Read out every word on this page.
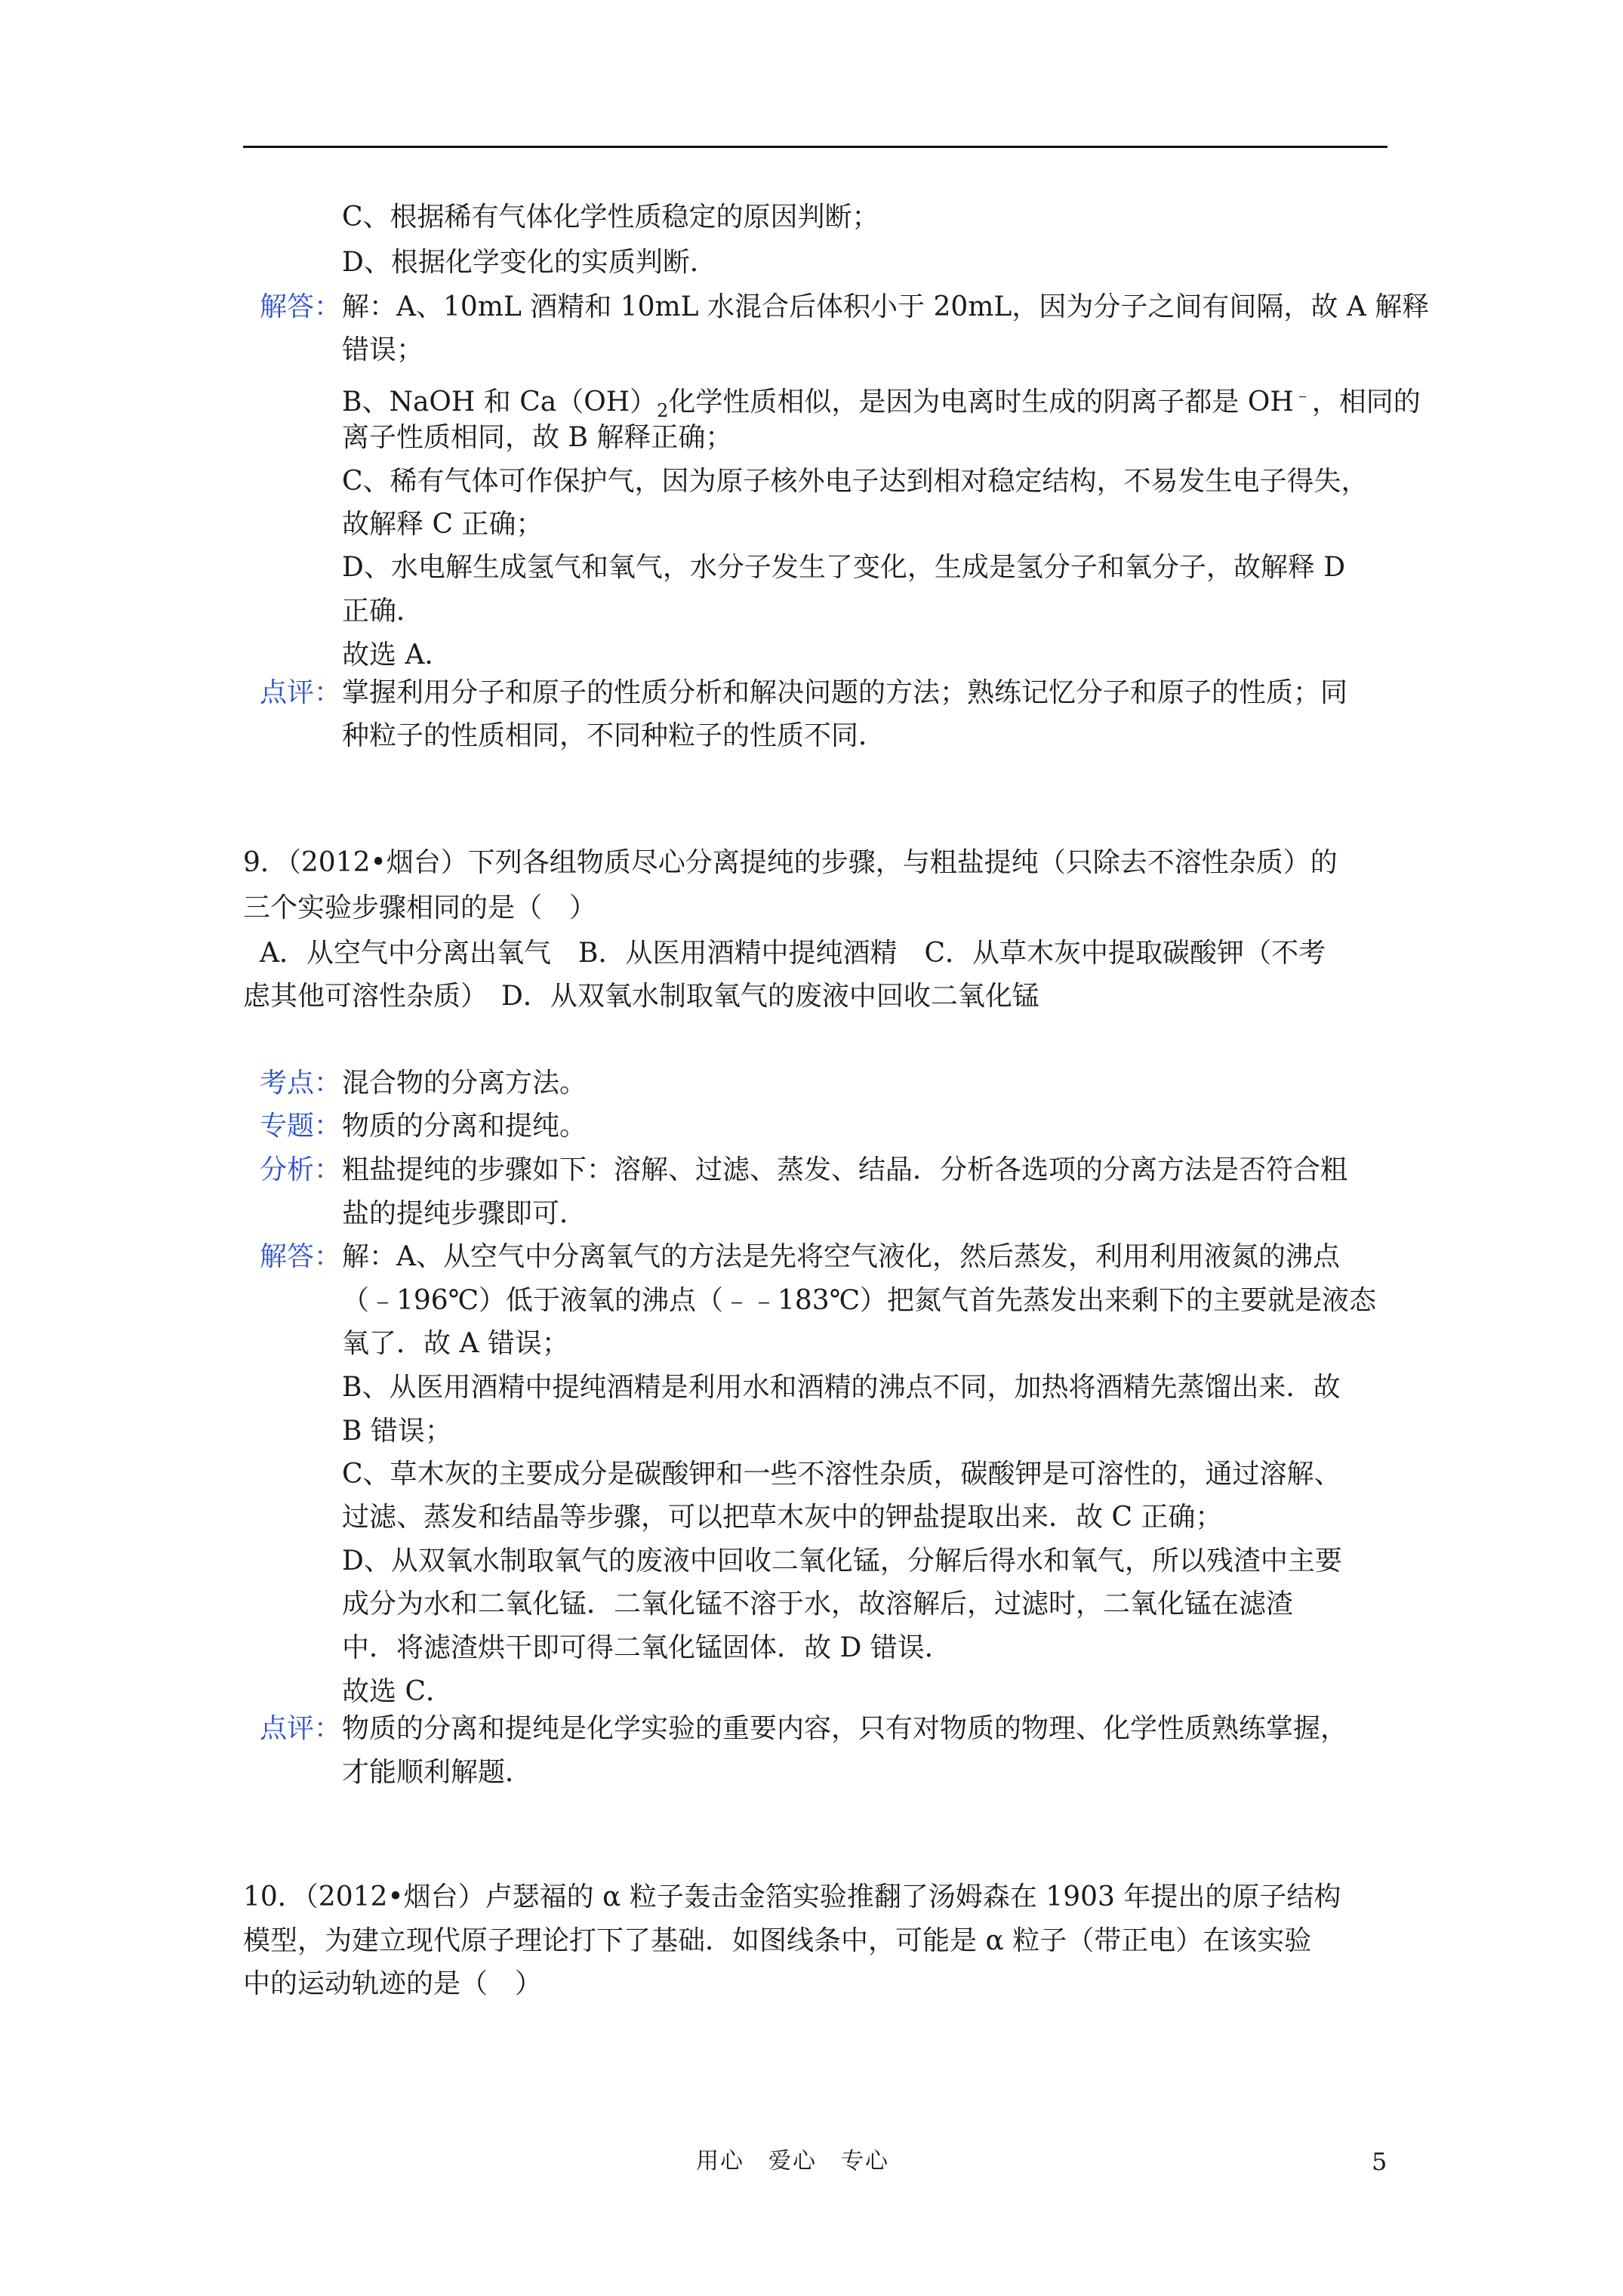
C、根据稀有气体化学性质稳定的原因判断；
D、根据化学变化的实质判断．
解答： 解：A、10mL 酒精和 10mL 水混合后体积小于 20mL，因为分子之间有间隔，故 A 解释
错误；
B、NaOH 和 $Ca(OH)_2$化学性质相似，是因为电离时生成的阴离子都是 OH﹣，相同的
离子性质相同，故 B 解释正确；
C、稀有气体可作保护气，因为原子核外电子达到相对稳定结构，不易发生电子得失，
故解释 C 正确；
D、水电解生成氢气和氧气，水分子发生了变化，生成是氢分子和氧分子，故解释 D
正确．
故选 A．
点评： 掌握利用分子和原子的性质分析和解决问题的方法；熟练记忆分子和原子的性质；同
种粒子的性质相同，不同种粒子的性质不同．
9．（2012•烟台）下列各组物质尽心分离提纯的步骤，与粗盐提纯（只除去不溶性杂质）的
三个实验步骤相同的是（　）
A．从空气中分离出氧气　B．从医用酒精中提纯酒精　C．从草木灰中提取碳酸钾（不考
虑其他可溶性杂质）　D．从双氧水制取氧气的废液中回收二氧化锰
考点： 混合物的分离方法。
专题： 物质的分离和提纯。
分析： 粗盐提纯的步骤如下：溶解、过滤、蒸发、结晶．分析各选项的分离方法是否符合粗
盐的提纯步骤即可．
解答： 解：A、从空气中分离氧气的方法是先将空气液化，然后蒸发，利用利用液氮的沸点
（﹣196℃）低于液氧的沸点（﹣﹣183℃）把氮气首先蒸发出来剩下的主要就是液态
氧了．故 A 错误；
B、从医用酒精中提纯酒精是利用水和酒精的沸点不同，加热将酒精先蒸馏出来．故
B 错误；
C、草木灰的主要成分是碳酸钾和一些不溶性杂质，碳酸钾是可溶性的，通过溶解、
过滤、蒸发和结晶等步骤，可以把草木灰中的钾盐提取出来．故 C 正确；
D、从双氧水制取氧气的废液中回收二氧化锰，分解后得水和氧气，所以残渣中主要
成分为水和二氧化锰．二氧化锰不溶于水，故溶解后，过滤时，二氧化锰在滤渣
中．将滤渣烘干即可得二氧化锰固体．故 D 错误．
故选 C．
点评： 物质的分离和提纯是化学实验的重要内容，只有对物质的物理、化学性质熟练掌握，
才能顺利解题．
10．（2012•烟台）卢瑟福的 α 粒子轰击金箔实验推翻了汤姆森在 1903 年提出的原子结构
模型，为建立现代原子理论打下了基础．如图线条中，可能是 α 粒子（带正电）在该实验
中的运动轨迹的是（　）
用心　爱心　专心	5
